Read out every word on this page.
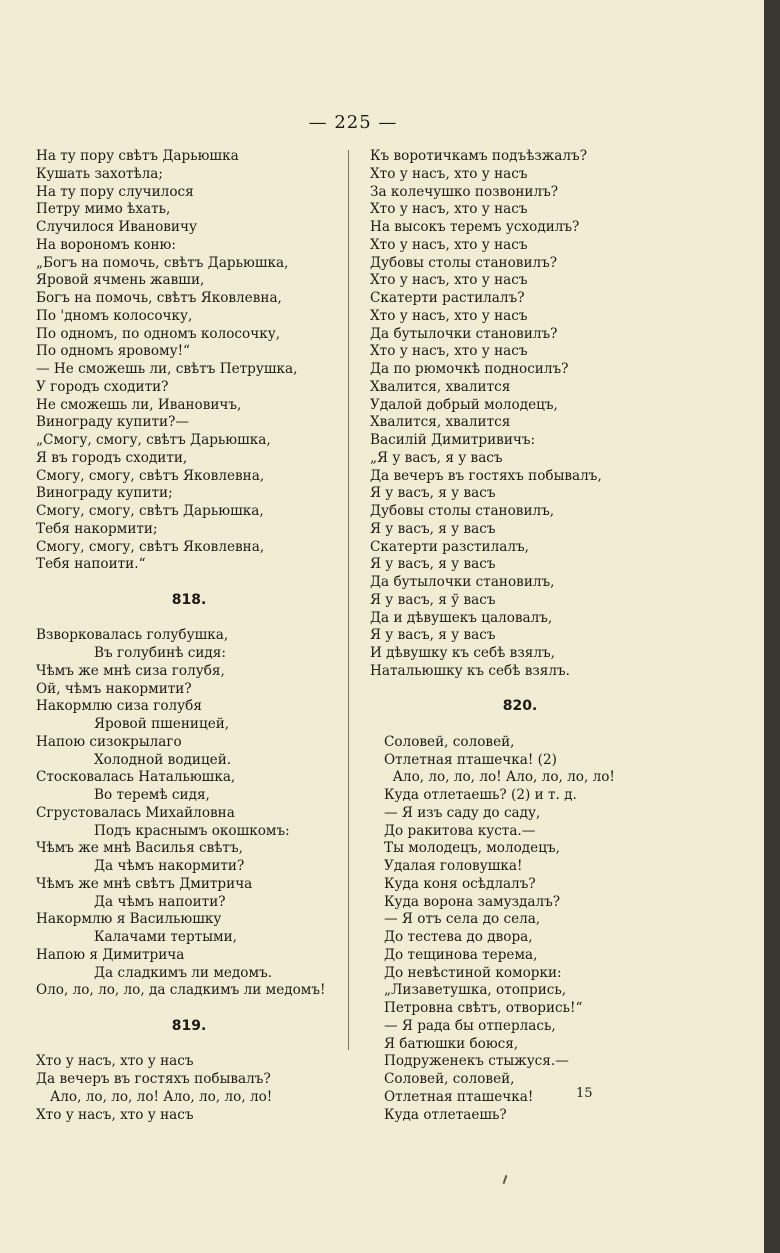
— 225 —
На ту пору свѣтъ Дарьюшка
Кушать захотѣла;
На ту пору случилося
Петру мимо ѣхать,
Случилося Ивановичу
На ворономъ коню:
„Богъ на помочь, свѣтъ Дарьюшка,
Яровой ячмень жавши,
Богъ на помочь, свѣтъ Яковлевна,
По 'дномъ колосочку,
По одномъ, по одномъ колосочку,
По одномъ яровому!“
— Не сможешь ли, свѣтъ Петрушка,
У городъ сходити?
Не сможешь ли, Ивановичъ,
Винограду купити?—
„Смогу, смогу, свѣтъ Дарьюшка,
Я въ городъ сходити,
Смогу, смогу, свѣтъ Яковлевна,
Винограду купити;
Смогу, смогу, свѣтъ Дарьюшка,
Тебя накормити;
Смогу, смогу, свѣтъ Яковлевна,
Тебя напоити.“
818.
Взворковалась голубушка,
Въ голубинѣ сидя:
Чѣмъ же мнѣ сиза голубя,
Ой, чѣмъ накормити?
Накормлю сиза голубя
Яровой пшеницей,
Напою сизокрылаго
Холодной водицей.
Стосковалась Натальюшка,
Во теремѣ сидя,
Сгрустовалась Михайловна
Подъ краснымъ окошкомъ:
Чѣмъ же мнѣ Василья свѣтъ,
Да чѣмъ накормити?
Чѣмъ же мнѣ свѣтъ Дмитрича
Да чѣмъ напоити?
Накормлю я Васильюшку
Калачами тертыми,
Напою я Димитрича
Да сладкимъ ли медомъ.
Оло, ло, ло, ло, да сладкимъ ли медомъ!
819.
Хто у насъ, хто у насъ
Да вечеръ въ гостяхъ побывалъ?
Ало, ло, ло, ло! Ало, ло, ло, ло!
Хто у насъ, хто у насъ
Къ воротичкамъ подъѣзжалъ?
Хто у насъ, хто у насъ
За колечушко позвонилъ?
Хто у насъ, хто у насъ
На высокъ теремъ усходилъ?
Хто у насъ, хто у насъ
Дубовы столы становилъ?
Хто у насъ, хто у насъ
Скатерти растилалъ?
Хто у насъ, хто у насъ
Да бутылочки становилъ?
Хто у насъ, хто у насъ
Да по рюмочкѣ подносилъ?
Хвалится, хвалится
Удалой добрый молодецъ,
Хвалится, хвалится
Василій Димитривичъ:
„Я у васъ, я у васъ
Да вечеръ въ гостяхъ побывалъ,
Я у васъ, я у васъ
Дубовы столы становилъ,
Я у васъ, я у васъ
Скатерти разстилалъ,
Я у васъ, я у васъ
Да бутылочки становилъ,
Я у васъ, я ў васъ
Да и дѣвушекъ цаловалъ,
Я у васъ, я у васъ
И дѣвушку къ себѣ взялъ,
Натальюшку къ себѣ взялъ.
820.
Соловей, соловей,
Отлетная пташечка! (2)
Ало, ло, ло, ло! Ало, ло, ло, ло!
Куда отлетаешь? (2) и т. д.
— Я изъ саду до саду,
До ракитова куста.—
Ты молодецъ, молодецъ,
Удалая головушка!
Куда коня осѣдлалъ?
Куда ворона замуздалъ?
— Я отъ села до села,
До тестева до двора,
До тещинова терема,
До невѣстиной коморки:
„Лизаветушка, отопрись,
Петровна свѣтъ, отворись!“
— Я рада бы отперлась,
Я батюшки боюся,
Подруженекъ стыжуся.—
Соловей, соловей,
Отлетная пташечка!
Куда отлетаешь?
15
